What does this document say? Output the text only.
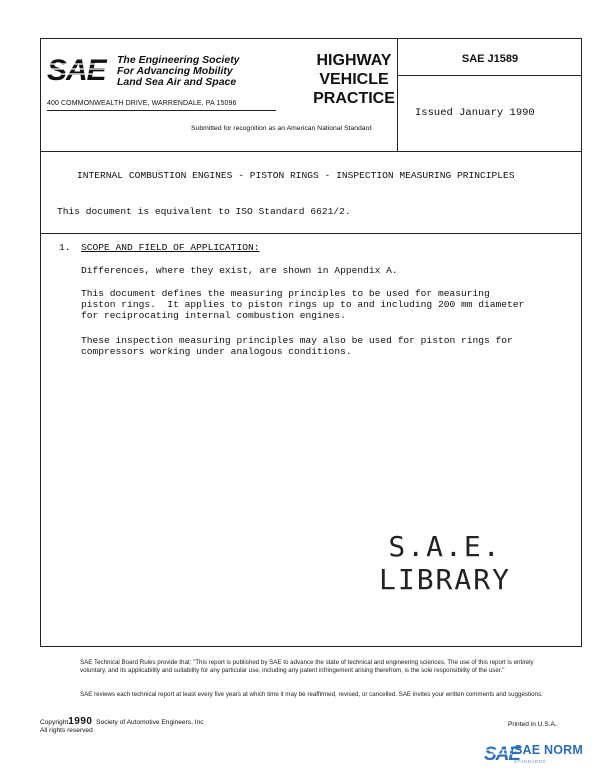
SAE The Engineering Society
For Advancing Mobility
Land Sea Air and Space
400 COMMONWEALTH DRIVE, WARRENDALE, PA 15096
Submitted for recognition as an American National Standard
HIGHWAY
VEHICLE
PRACTICE
SAE J1589
Issued January 1990
INTERNAL COMBUSTION ENGINES - PISTON RINGS - INSPECTION MEASURING PRINCIPLES
This document is equivalent to ISO Standard 6621/2.
1. SCOPE AND FIELD OF APPLICATION:
Differences, where they exist, are shown in Appendix A.
This document defines the measuring principles to be used for measuring
piston rings.  It applies to piston rings up to and including 200 mm diameter
for reciprocating internal combustion engines.
These inspection measuring principles may also be used for piston rings for
compressors working under analogous conditions.
S.A.E.
LIBRARY
SAE Technical Board Rules provide that: "This report is published by SAE to advance the state of technical and engineering sciences. The use of this report is entirely voluntary, and its applicability and suitability for any particular use, including any patent infringement arising therefrom, is the sole responsibility of the user."
SAE reviews each technical report at least every five years at which time it may be reaffirmed, revised, or cancelled. SAE invites your written comments and suggestions.
Copyright1990 Society of Automotive Engineers, Inc
All rights reserved
Printed in U.S.A.
SAE
SAE NORM
STANDARDS
